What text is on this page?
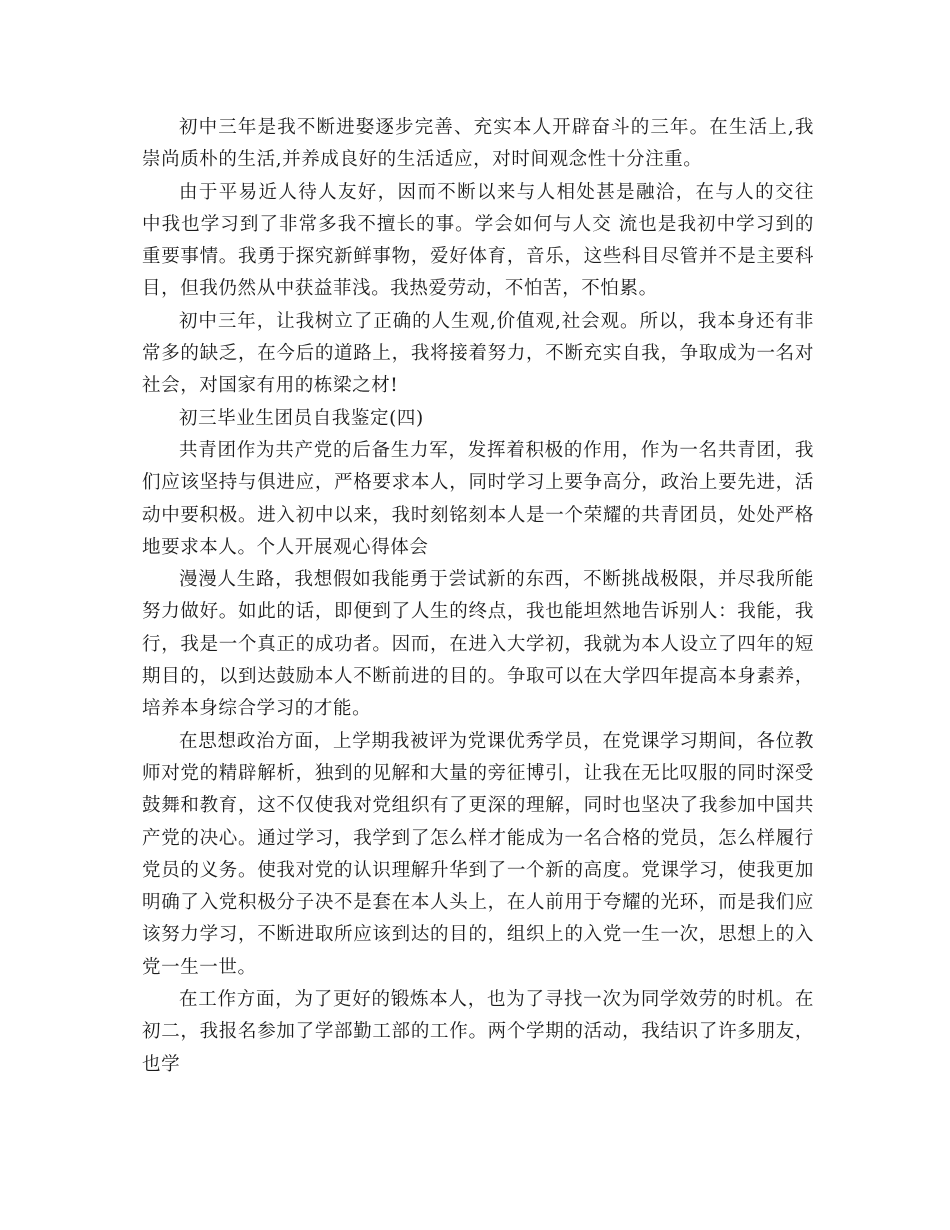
初中三年是我不断进娶逐步完善、充实本人开辟奋斗的三年。在生活上,我崇尚质朴的生活,并养成良好的生活适应，对时间观念性十分注重。

由于平易近人待人友好，因而不断以来与人相处甚是融洽，在与人的交往 中我也学习到了非常多我不擅长的事。学会如何与人交 流也是我初中学习到的重要事情。我勇于探究新鲜事物，爱好体育，音乐，这些科目尽管并不是主要科目，但我仍然从中获益菲浅。我热爱劳动，不怕苦，不怕累。

初中三年，让我树立了正确的人生观,价值观,社会观。所以，我本身还有非常多的缺乏，在今后的道路上，我将接着努力，不断充实自我，争取成为一名对社会，对国家有用的栋梁之材!

初三毕业生团员自我鉴定(四)

共青团作为共产党的后备生力军，发挥着积极的作用，作为一名共青团，我们应该坚持与俱进应，严格要求本人，同时学习上要争高分，政治上要先进，活动中要积极。进入初中以来，我时刻铭刻本人是一个荣耀的共青团员，处处严格地要求本人。个人开展观心得体会

漫漫人生路，我想假如我能勇于尝试新的东西，不断挑战极限，并尽我所能努力做好。如此的话，即便到了人生的终点，我也能坦然地告诉别人：我能，我行，我是一个真正的成功者。因而，在进入大学初，我就为本人设立了四年的短期目的，以到达鼓励本人不断前进的目的。争取可以在大学四年提高本身素养，培养本身综合学习的才能。

在思想政治方面，上学期我被评为党课优秀学员，在党课学习期间，各位教师对党的精辟解析，独到的见解和大量的旁征博引，让我在无比叹服的同时深受鼓舞和教育，这不仅使我对党组织有了更深的理解，同时也坚决了我参加中国共产党的决心。通过学习，我学到了怎么样才能成为一名合格的党员，怎么样履行党员的义务。使我对党的认识理解升华到了一个新的高度。党课学习，使我更加明确了入党积极分子决不是套在本人头上，在人前用于夸耀的光环，而是我们应该努力学习，不断进取所应该到达的目的，组织上的入党一生一次，思想上的入党一生一世。

在工作方面，为了更好的锻炼本人，也为了寻找一次为同学效劳的时机。在初二，我报名参加了学部勤工部的工作。两个学期的活动，我结识了许多朋友，也学
